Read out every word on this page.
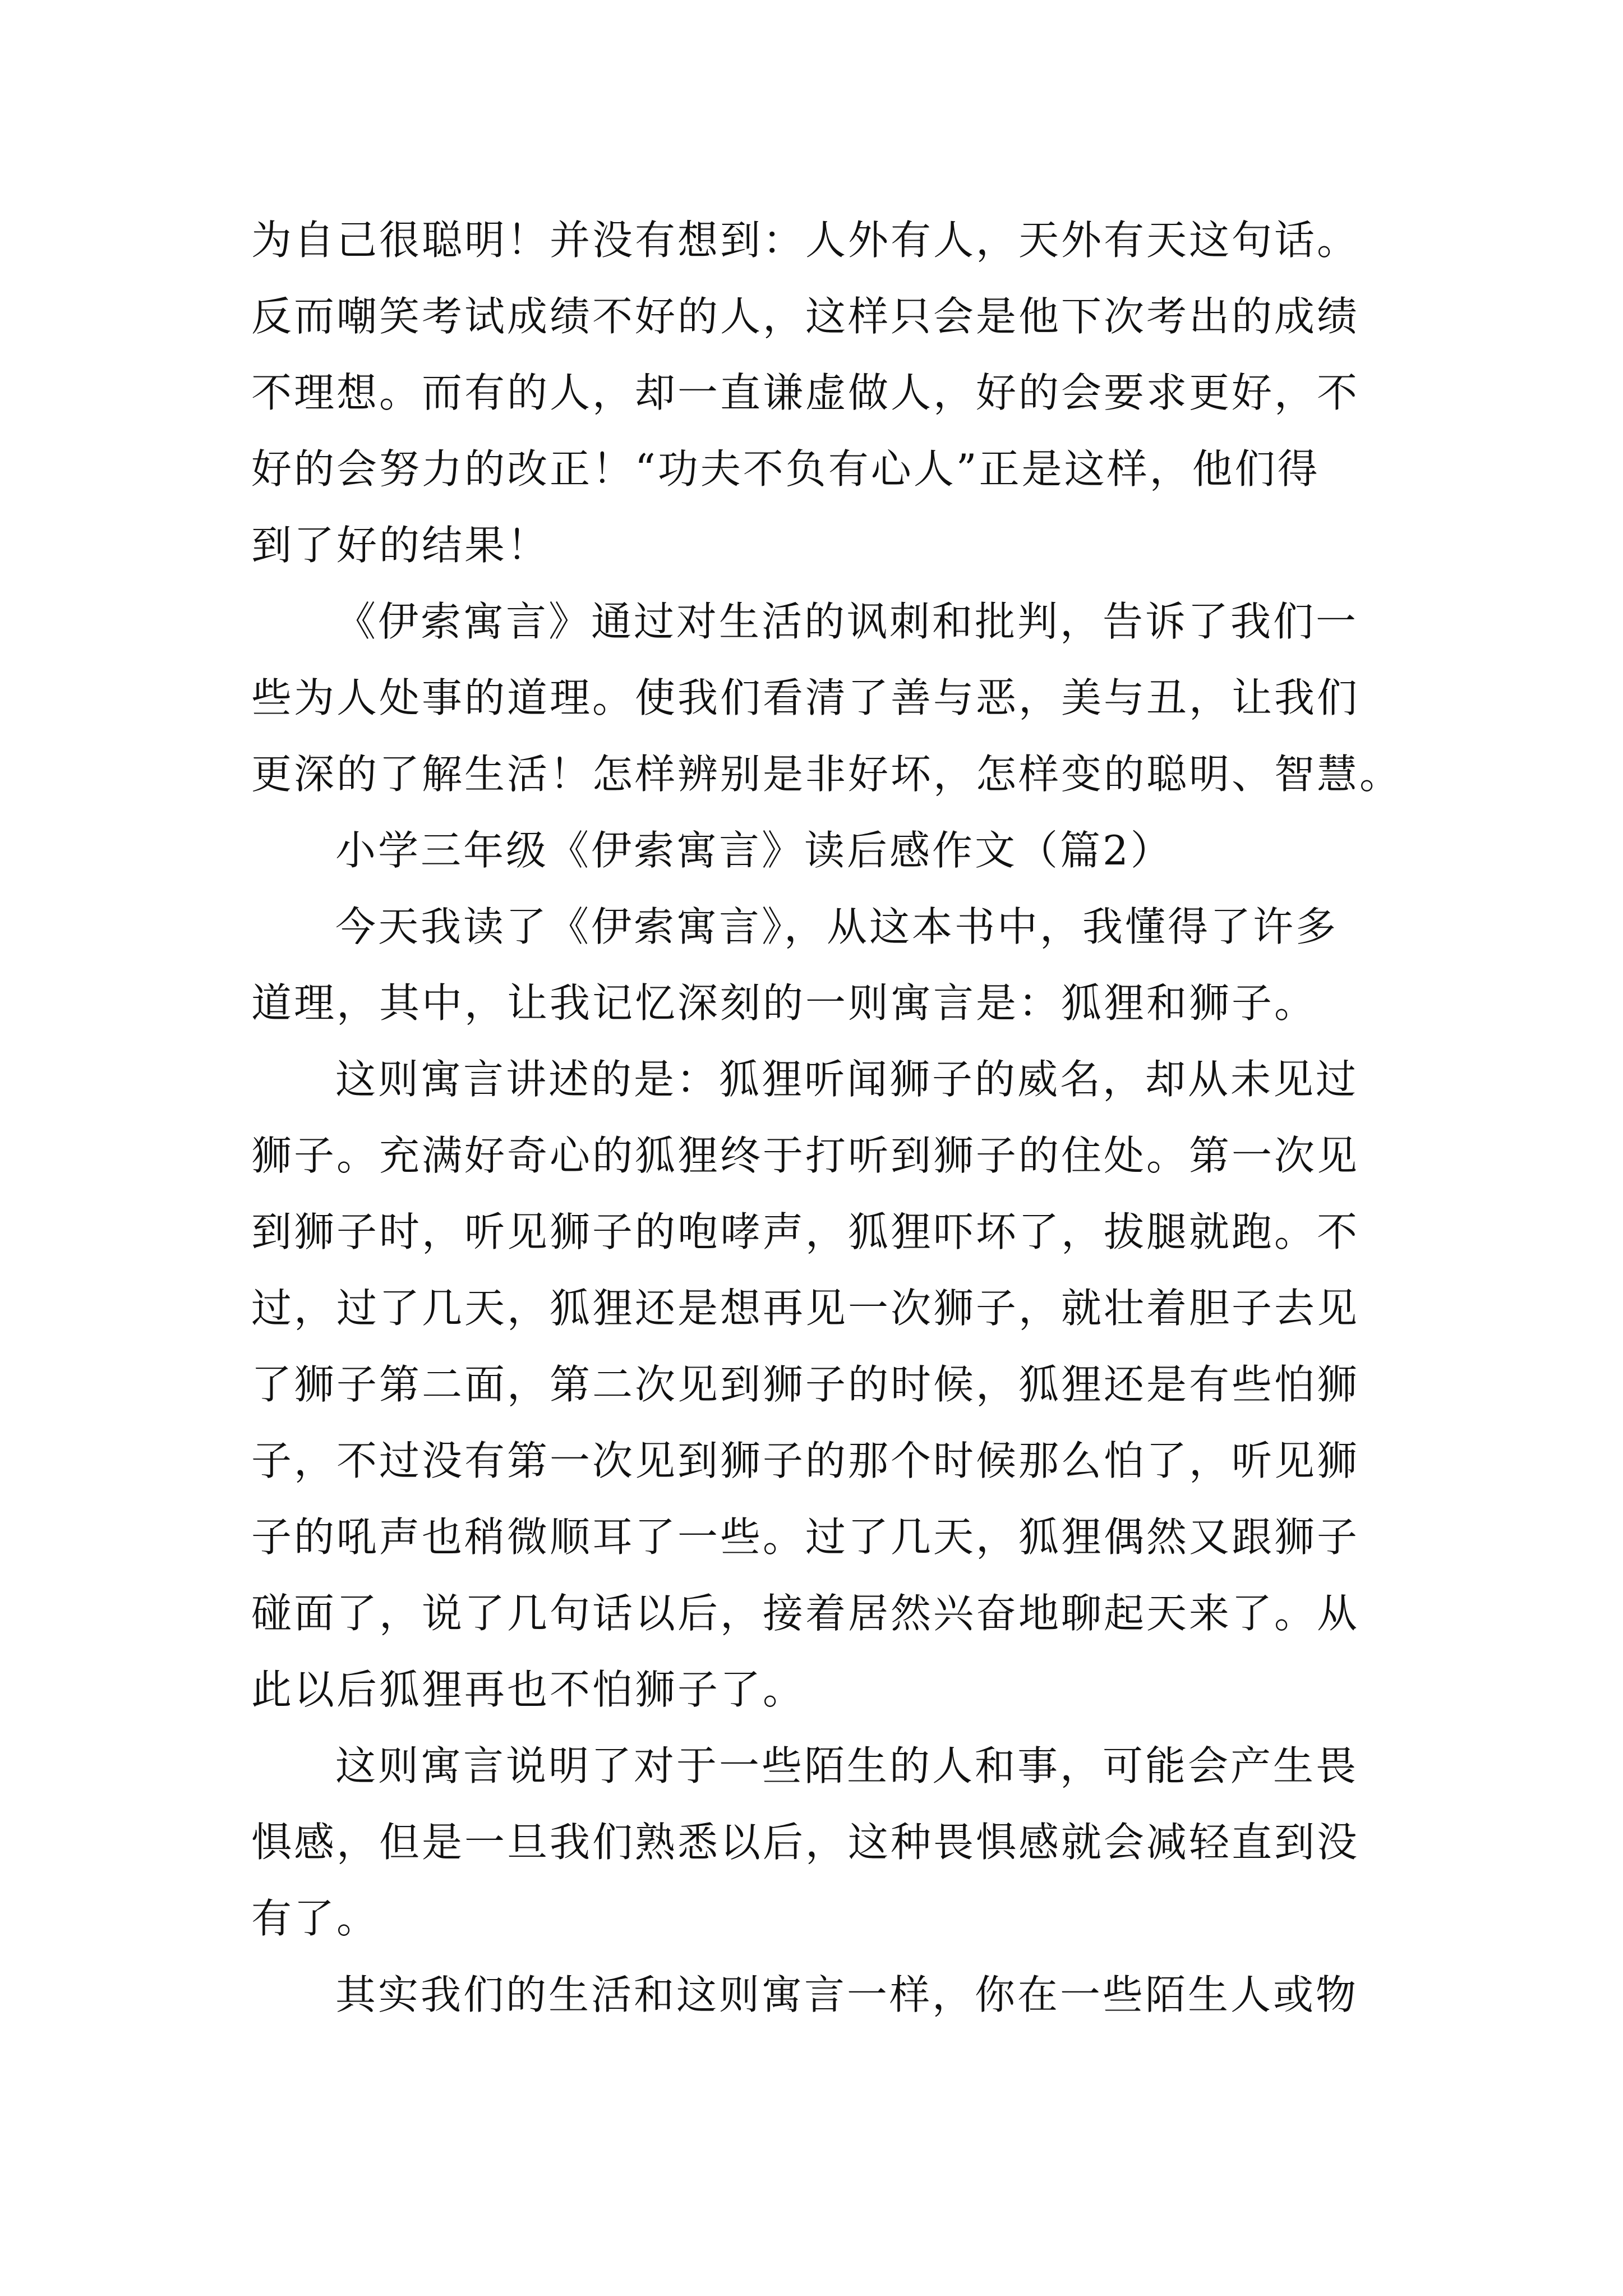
为自己很聪明！并没有想到：人外有人，天外有天这句话。
反而嘲笑考试成绩不好的人，这样只会是他下次考出的成绩
不理想。而有的人，却一直谦虚做人，好的会要求更好，不
好的会努力的改正！“功夫不负有心人”正是这样，他们得
到了好的结果！
《伊索寓言》通过对生活的讽刺和批判，告诉了我们一
些为人处事的道理。使我们看清了善与恶，美与丑，让我们
更深的了解生活！怎样辨别是非好坏，怎样变的聪明、智慧。
小学三年级《伊索寓言》读后感作文（篇2）
今天我读了《伊索寓言》，从这本书中，我懂得了许多
道理，其中，让我记忆深刻的一则寓言是：狐狸和狮子。
这则寓言讲述的是：狐狸听闻狮子的威名，却从未见过
狮子。充满好奇心的狐狸终于打听到狮子的住处。第一次见
到狮子时，听见狮子的咆哮声，狐狸吓坏了，拔腿就跑。不
过，过了几天，狐狸还是想再见一次狮子，就壮着胆子去见
了狮子第二面，第二次见到狮子的时候，狐狸还是有些怕狮
子，不过没有第一次见到狮子的那个时候那么怕了，听见狮
子的吼声也稍微顺耳了一些。过了几天，狐狸偶然又跟狮子
碰面了，说了几句话以后，接着居然兴奋地聊起天来了。从
此以后狐狸再也不怕狮子了。
这则寓言说明了对于一些陌生的人和事，可能会产生畏
惧感，但是一旦我们熟悉以后，这种畏惧感就会减轻直到没
有了。
其实我们的生活和这则寓言一样，你在一些陌生人或物
